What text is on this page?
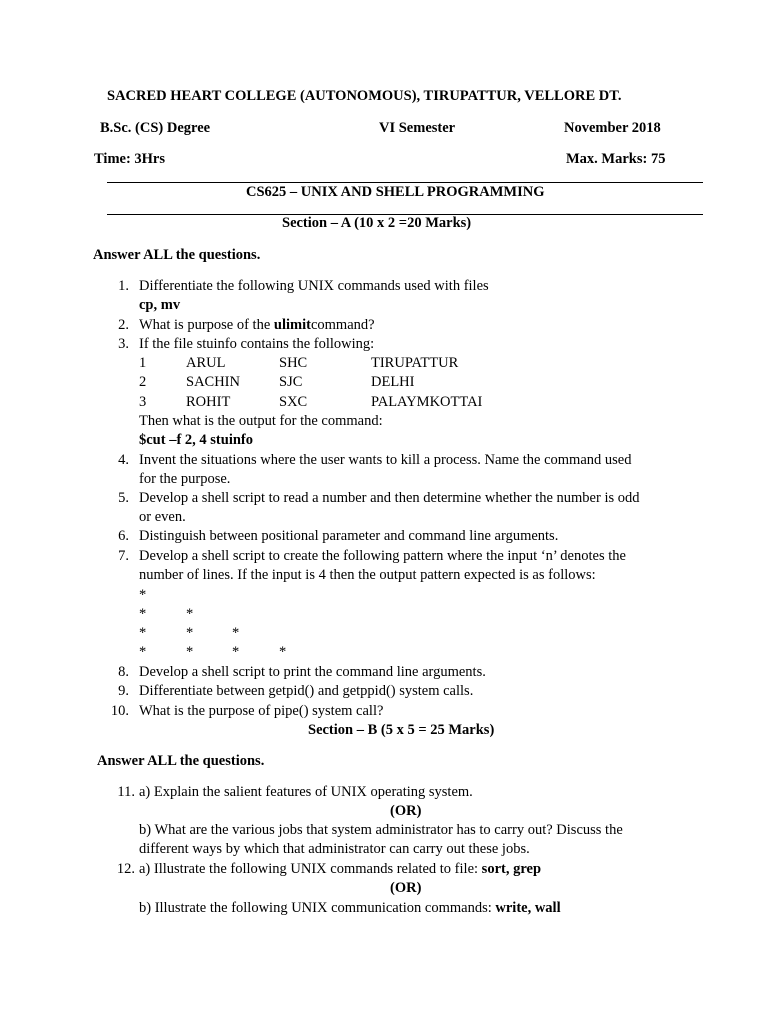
SACRED HEART COLLEGE (AUTONOMOUS), TIRUPATTUR, VELLORE DT.
B.Sc. (CS) Degree	VI Semester	November 2018
Time: 3Hrs	Max. Marks: 75
CS625 – UNIX AND SHELL PROGRAMMING
Section – A (10 x 2 =20 Marks)
Answer ALL the questions.
1. Differentiate the following UNIX commands used with files
cp, mv
2. What is purpose of the ulimitcommand?
3. If the file stuinfo contains the following:
1	ARUL	SHC	TIRUPATTUR
2	SACHIN	SJC	DELHI
3	ROHIT	SXC	PALAYMKOTTAI
Then what is the output for the command:
$cut –f 2, 4 stuinfo
4. Invent the situations where the user wants to kill a process. Name the command used
for the purpose.
5. Develop a shell script to read a number and then determine whether the number is odd
or even.
6. Distinguish between positional parameter and command line arguments.
7. Develop a shell script to create the following pattern where the input ‘n’ denotes the
number of lines. If the input is 4 then the output pattern expected is as follows:
*
*	*
*	*	*
*	*	*	*
8. Develop a shell script to print the command line arguments.
9. Differentiate between getpid() and getppid() system calls.
10. What is the purpose of pipe() system call?
Section – B (5 x 5 = 25 Marks)
Answer ALL the questions.
11. a) Explain the salient features of UNIX operating system.
(OR)
b) What are the various jobs that system administrator has to carry out? Discuss the
different ways by which that administrator can carry out these jobs.
12. a) Illustrate the following UNIX commands related to file: sort, grep
(OR)
b) Illustrate the following UNIX communication commands: write, wall
